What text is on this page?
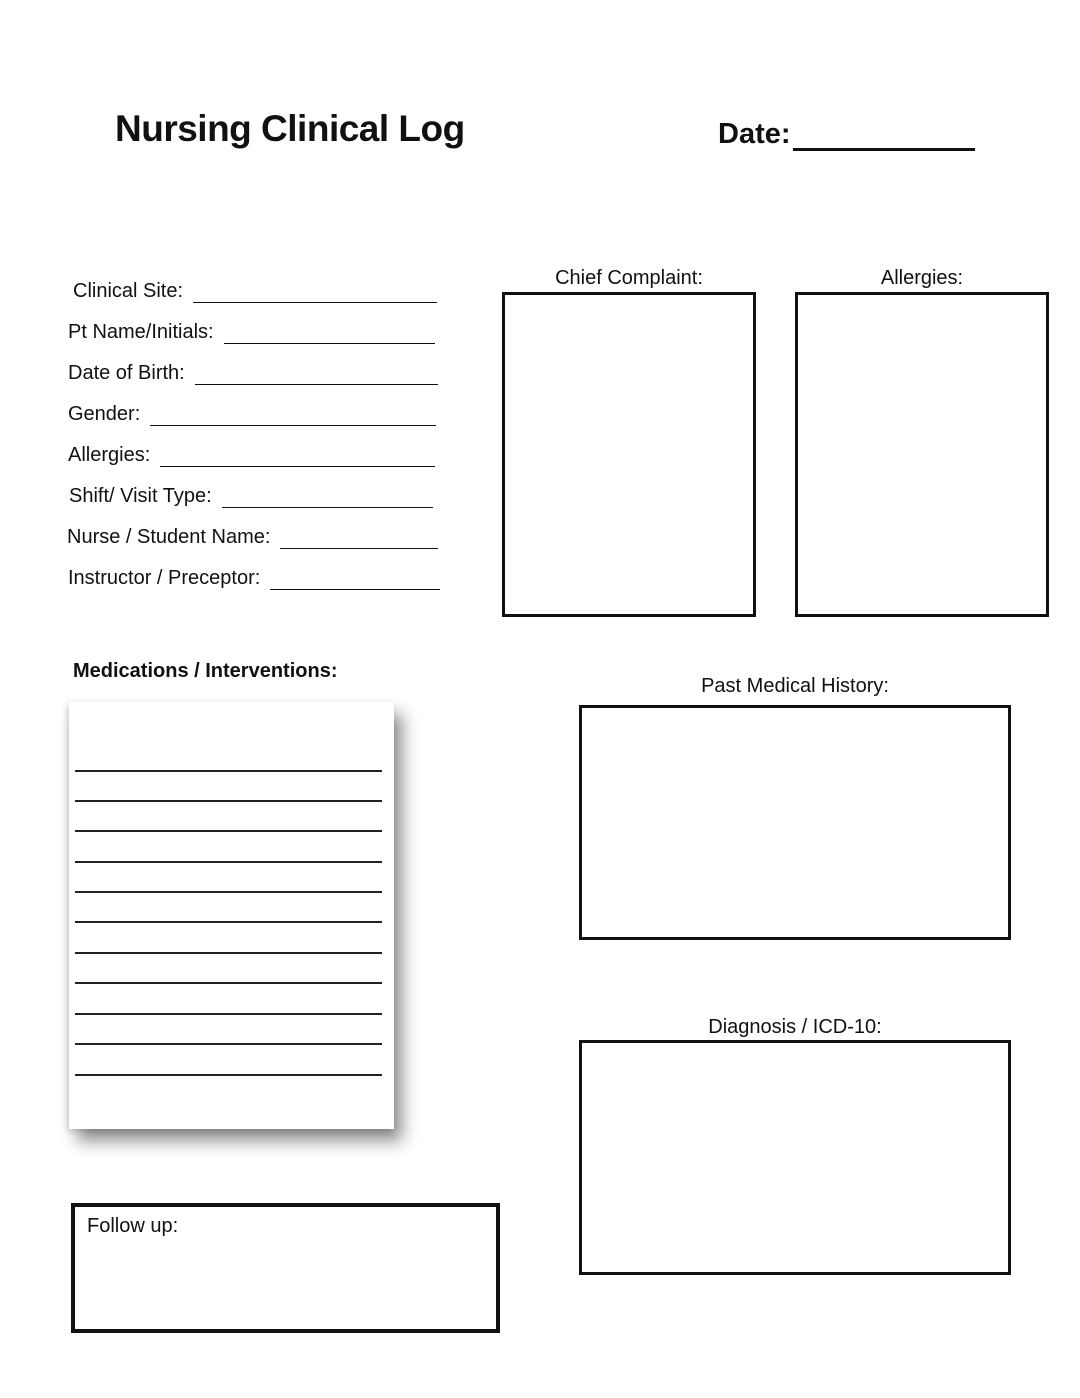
Nursing Clinical Log	Date:
Clinical Site:
Pt Name/Initials:
Date of Birth:
Gender:
Allergies:
Shift/ Visit Type:
Nurse / Student Name:
Instructor / Preceptor:
Chief Complaint:	Allergies:
Medications / Interventions:
Past Medical History:
Diagnosis / ICD-10:
Follow up:
